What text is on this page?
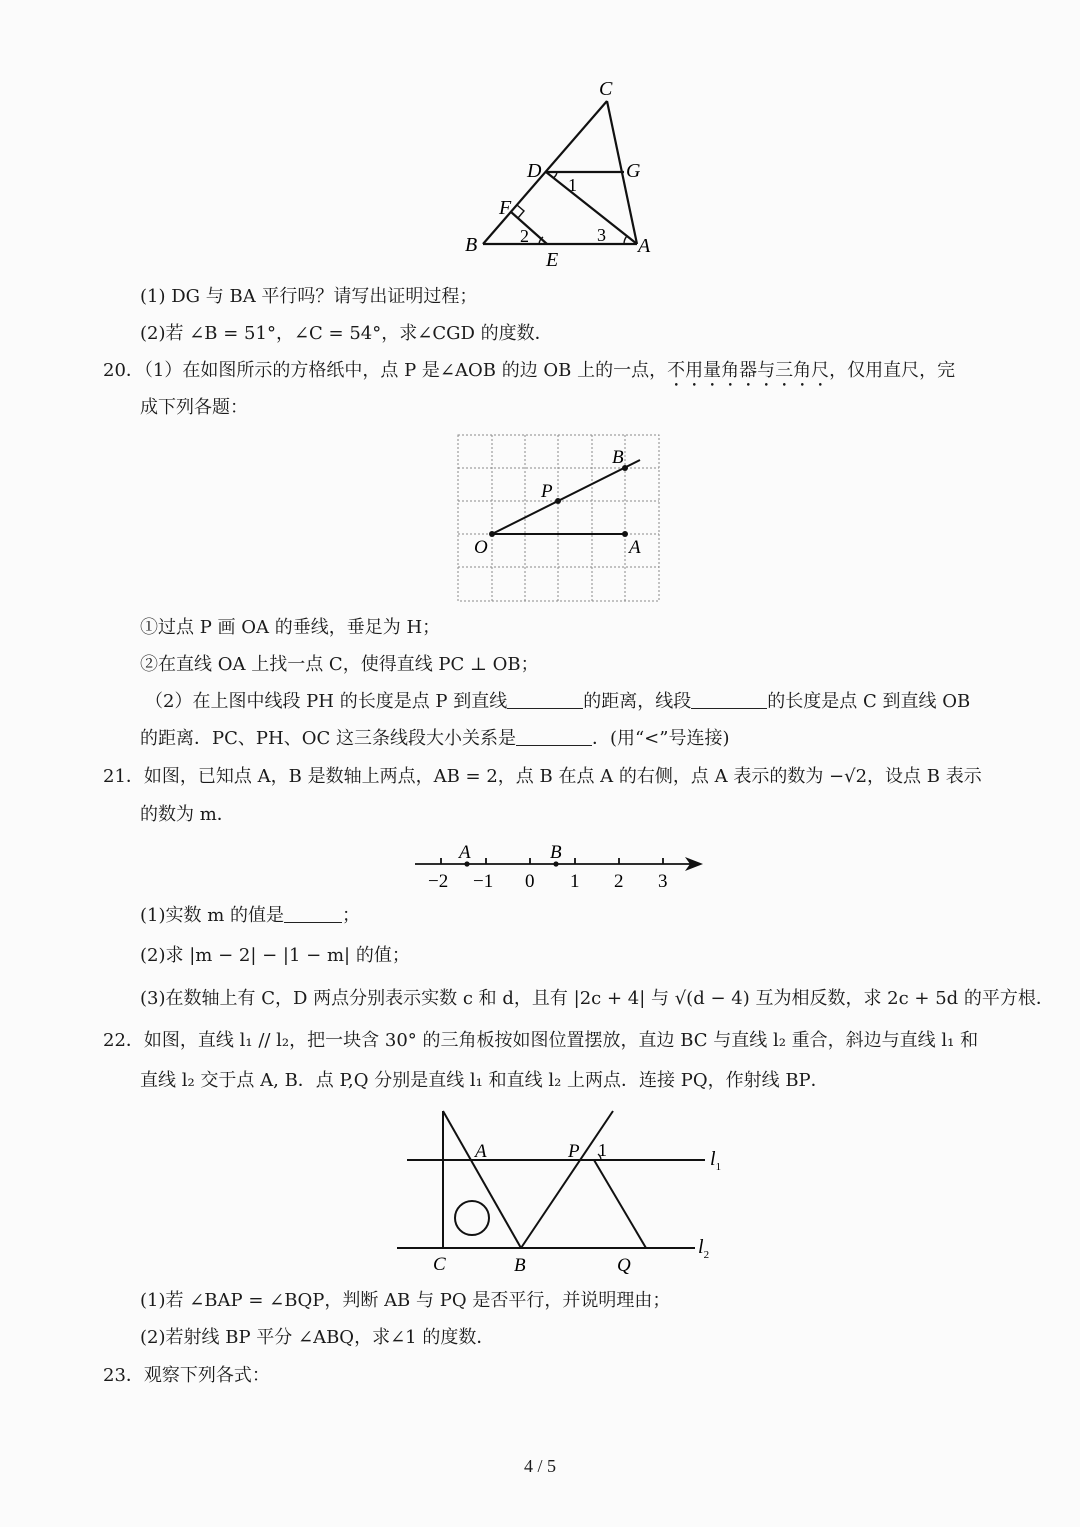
C
D	G
F
B
E
A
1
2	3
(1) DG 与 BA 平行吗？请写出证明过程；
(2)若 ∠B = 51°，∠C = 54°，求∠CGD 的度数．
20．（1）在如图所示的方格纸中，点 P 是∠AOB 的边 OB 上的一点，不用量角器与三角尺，仅用直尺，完
成下列各题：
B
P
O	A
①过点 P 画 OA 的垂线，垂足为 H；
②在直线 OA 上找一点 C，使得直线 PC ⊥ OB；
（2）在上图中线段 PH 的长度是点 P 到直线	的距离，线段	的长度是点 C 到直线 OB
的距离．PC、PH、OC 这三条线段大小关系是	．(用“<”号连接)
21．如图，已知点 A，B 是数轴上两点，AB = 2，点 B 在点 A 的右侧，点 A 表示的数为 −√2，设点 B 表示
的数为 m．
A	B
−2 −1 0 1 2 3
(1)实数 m 的值是	；
(2)求 |m − 2| − |1 − m| 的值；
(3)在数轴上有 C，D 两点分别表示实数 c 和 d，且有 |2c + 4| 与 √(d − 4) 互为相反数，求 2c + 5d 的平方根．
22．如图，直线 l₁ // l₂，把一块含 30° 的三角板按如图位置摆放，直边 BC 与直线 l₂ 重合，斜边与直线 l₁ 和
直线 l₂ 交于点 A, B．点 P,Q 分别是直线 l₁ 和直线 l₂ 上两点．连接 PQ，作射线 BP．
A	P 1	$l_1$
C	B	Q
$l_2$
(1)若 ∠BAP = ∠BQP，判断 AB 与 PQ 是否平行，并说明理由；
(2)若射线 BP 平分 ∠ABQ，求∠1 的度数．
23．观察下列各式：
4 / 5
